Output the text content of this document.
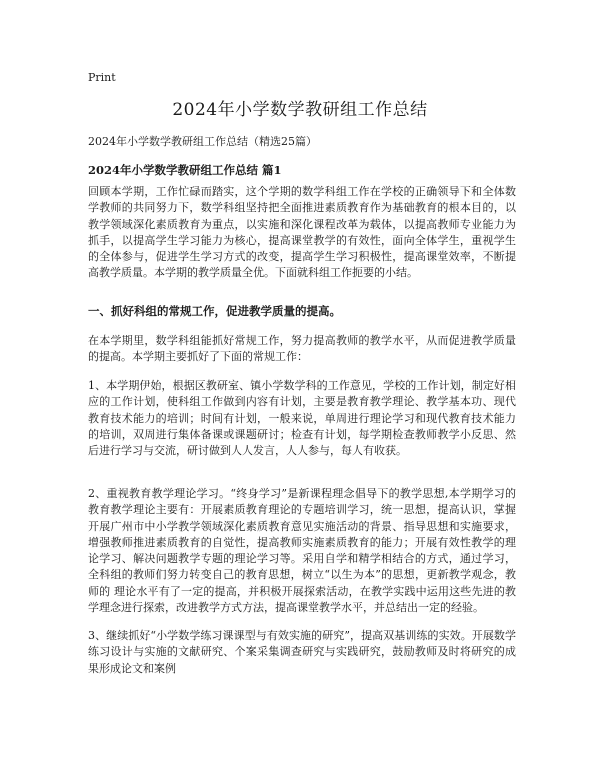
Print
2024年小学数学教研组工作总结
2024年小学数学教研组工作总结（精选25篇）
2024年小学数学教研组工作总结 篇1

回顾本学期，工作忙碌而踏实，这个学期的数学科组工作在学校的正确领导下和全体数学教师的共同努力下，数学科组坚持把全面推进素质教育作为基础教育的根本目的，以教学领域深化素质教育为重点，以实施和深化课程改革为载体，以提高教师专业能力为抓手，以提高学生学习能力为核心，提高课堂教学的有效性，面向全体学生，重视学生的全体参与，促进学生学习方式的改变，提高学生学习积极性，提高课堂效率，不断提高教学质量。本学期的教学质量全优。下面就科组工作扼要的小结。

一、抓好科组的常规工作，促进教学质量的提高。

在本学期里，数学科组能抓好常规工作，努力提高教师的教学水平，从而促进教学质量的提高。本学期主要抓好了下面的常规工作：

1、本学期伊始，根据区教研室、镇小学数学科的工作意见，学校的工作计划，制定好相应的工作计划，使科组工作做到内容有计划，主要是教育教学理论、教学基本功、现代教育技术能力的培训；时间有计划，一般来说，单周进行理论学习和现代教育技术能力的培训，双周进行集体备课或课题研讨；检查有计划，每学期检查教师教学小反思、然后进行学习与交流，研讨做到人人发言，人人参与，每人有收获。

2、重视教育教学理论学习。“终身学习”是新课程理念倡导下的教学思想,本学期学习的教育教学理论主要有：开展素质教育理论的专题培训学习，统一思想，提高认识，掌握开展广州市中小学教学领域深化素质教育意见实施活动的背景、指导思想和实施要求，增强教师推进素质教育的自觉性，提高教师实施素质教育的能力；开展有效性教学的理论学习、解决问题教学专题的理论学习等。采用自学和精学相结合的方式，通过学习，全科组的教师们努力转变自己的教育思想，树立“以生为本”的思想，更新教学观念，教师的 理论水平有了一定的提高，并积极开展探索活动，在教学实践中运用这些先进的教学理念进行探索，改进教学方式方法，提高课堂教学水平，并总结出一定的经验。

3、继续抓好“小学数学练习课课型与有效实施的研究”，提高双基训练的实效。开展数学练习设计与实施的文献研究、个案采集调查研究与实践研究，鼓励教师及时将研究的成果形成论文和案例
